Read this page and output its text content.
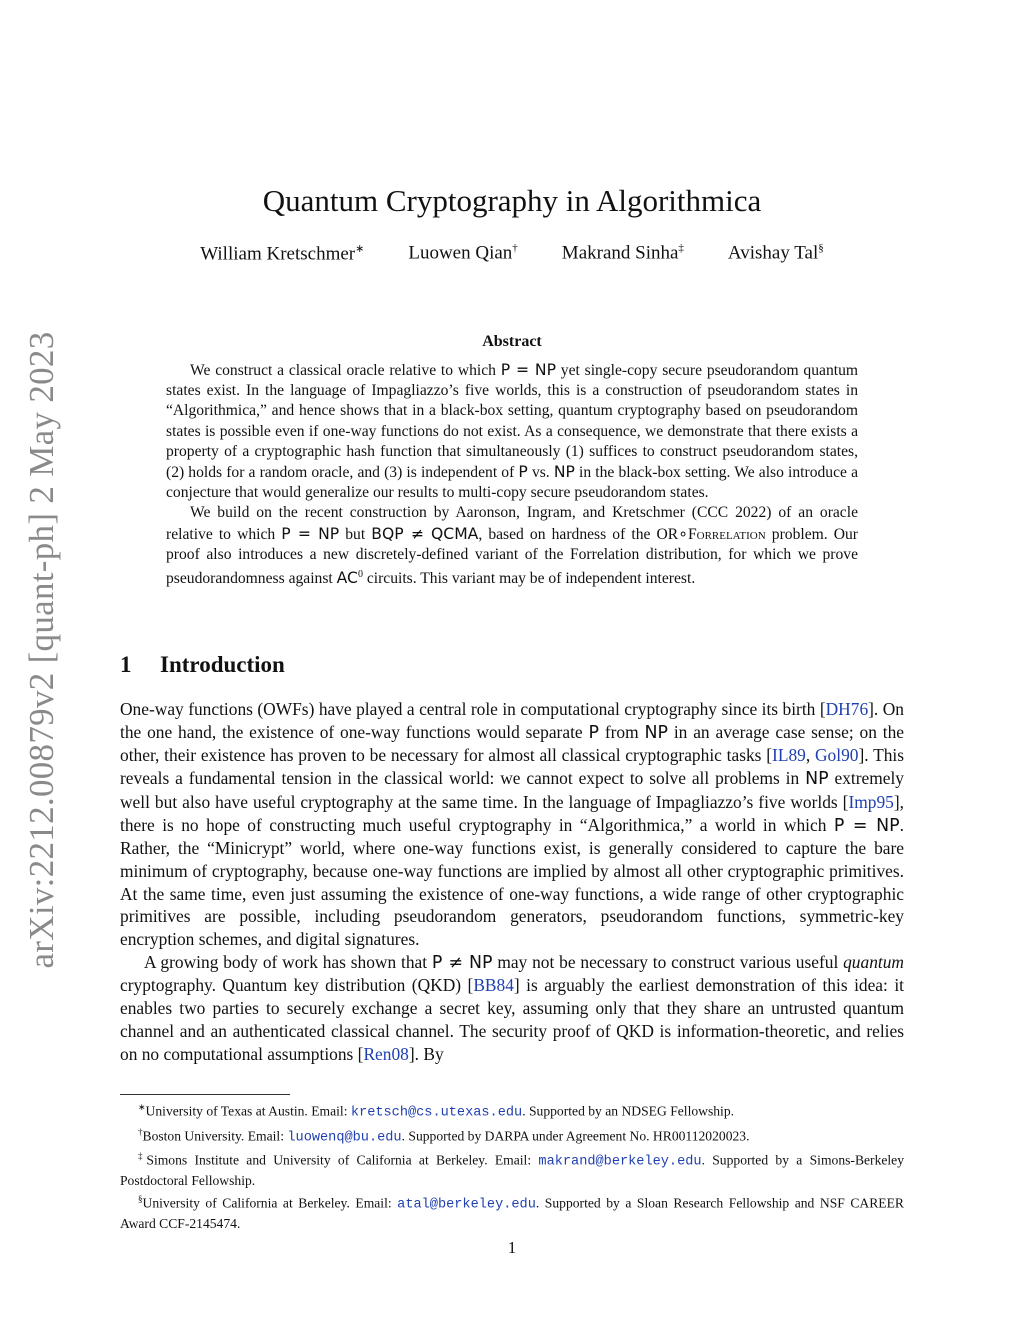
arXiv:2212.00879v2 [quant-ph] 2 May 2023
Quantum Cryptography in Algorithmica
William Kretschmer∗ Luowen Qian† Makrand Sinha‡ Avishay Tal§
Abstract

We construct a classical oracle relative to which P = NP yet single-copy secure pseudorandom quantum states exist. In the language of Impagliazzo’s five worlds, this is a construction of pseudorandom states in “Algorithmica,” and hence shows that in a black-box setting, quantum cryptography based on pseudorandom states is possible even if one-way functions do not exist. As a consequence, we demonstrate that there exists a property of a cryptographic hash function that simultaneously (1) suffices to construct pseudorandom states, (2) holds for a random oracle, and (3) is independent of P vs. NP in the black-box setting. We also introduce a conjecture that would generalize our results to multi-copy secure pseudorandom states.

We build on the recent construction by Aaronson, Ingram, and Kretschmer (CCC 2022) of an oracle relative to which P = NP but BQP ≠ QCMA, based on hardness of the OR∘Forrelation problem. Our proof also introduces a new discretely-defined variant of the Forrelation distribution, for which we prove pseudorandomness against $AC^0$ circuits. This variant may be of independent interest.

1 Introduction

One-way functions (OWFs) have played a central role in computational cryptography since its birth [DH76]. On the one hand, the existence of one-way functions would separate P from NP in an average case sense; on the other, their existence has proven to be necessary for almost all classical cryptographic tasks [IL89, Gol90]. This reveals a fundamental tension in the classical world: we cannot expect to solve all problems in NP extremely well but also have useful cryptography at the same time. In the language of Impagliazzo’s five worlds [Imp95], there is no hope of constructing much useful cryptography in “Algorithmica,” a world in which P = NP. Rather, the “Minicrypt” world, where one-way functions exist, is generally considered to capture the bare minimum of cryptography, because one-way functions are implied by almost all other cryptographic primitives. At the same time, even just assuming the existence of one-way functions, a wide range of other cryptographic primitives are possible, including pseudorandom generators, pseudorandom functions, symmetric-key encryption schemes, and digital signatures.

A growing body of work has shown that P ≠ NP may not be necessary to construct various useful quantum cryptography. Quantum key distribution (QKD) [BB84] is arguably the earliest demonstration of this idea: it enables two parties to securely exchange a secret key, assuming only that they share an untrusted quantum channel and an authenticated classical channel. The security proof of QKD is information-theoretic, and relies on no computational assumptions [Ren08]. By

∗University of Texas at Austin. Email: kretsch@cs.utexas.edu. Supported by an NDSEG Fellowship.

†Boston University. Email: luowenq@bu.edu. Supported by DARPA under Agreement No. HR00112020023.

‡Simons Institute and University of California at Berkeley. Email: makrand@berkeley.edu. Supported by a Simons-Berkeley Postdoctoral Fellowship.

§University of California at Berkeley. Email: atal@berkeley.edu. Supported by a Sloan Research Fellowship and NSF CAREER Award CCF-2145474.

1
